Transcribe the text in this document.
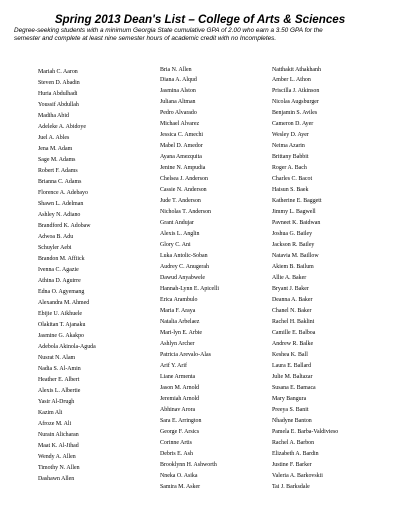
Spring 2013 Dean's List – College of Arts & Sciences
Degree-seeking students with a minimum Georgia State cumulative GPA of 2.00 who earn a 3.50 GPA for the
semester and complete at least nine semester hours of academic credit with no Incompletes.
Mariah C. Aaron
Steven D. Abadin
Huria Abdulhadi
Youssif Abdullah
Madiha Abid
Adeleke A. Abidoye
Juel A. Ables
Jena M. Adam
Sage M. Adams
Robert F. Adams
Brianna C. Adams
Florence A. Adebayo
Shawn L. Adelman
Ashley N. Adiano
Brandford K. Adobaw
Adwoa B. Adu
Schuyler Aebi
Brandon M. Affiick
Ivenna C. Agazie
Athina D. Aguirre
Edna O. Agyemang
Alexandra M. Ahmed
Ebijie U. Aikhuele
Olakitan T. Ajanaku
Jasmine G. Akakpo
Adebola Akinola-Aguda
Nusrat N. Alam
Nadia S. Al-Amin
Heather E. Albert
Alexis L. Albertie
Yasir Al-Drugh
Kazim Ali
Afroze M. Ali
Nurain Alicharan
Maat K. Al-Jihad
Wendy A. Allen
Timothy N. Allen
Dashawn Allen
Bria N. Allen
Diana A. Alqud
Jasmina Alston
Juliana Altman
Pedro Alvarado
Michael Alvarez
Jessica C. Amechi
Mabel D. Amedor
Ayana Amezquita
Jenine N. Ampudia
Chelsea J. Anderson
Cassie N. Anderson
Jude T. Anderson
Nicholas T. Anderson
Grant Andujar
Alexis L. Anglin
Glory C. Ani
Luka Antolic-Soban
Audrey C. Anugerah
Dawud Anyabwele
Hannah-Lynn E. Apicelli
Erica Arambulo
Maria F. Araya
Natalia Arbelaez
Mari-lyn E. Arbie
Ashlyn Archer
Patricia Arevalo-Alas
Arif Y. Arif
Liane Armenta
Jason M. Arnold
Jeremiah Arnold
Abhinav Arora
Sara E. Arrington
George F. Arsics
Corinne Artis
Debris E. Ash
Brooklynn H. Ashworth
Nneka O. Asika
Samira M. Asker
Natthakit Athakhanh
Amber L. Athon
Priscilla J. Atkinson
Nicolas Augsburger
Benjamin S. Aviles
Cameron D. Ayer
Wesley D. Ayer
Neima Azarin
Brittany Babbit
Roger A. Bach
Charles C. Bacot
Haisun S. Baek
Katherine E. Baggett
Jimmy L. Bagwell
Pavneet K. Baidwan
Joshua G. Bailey
Jackson R. Bailey
Natavia M. Baillow
Akiem B. Bailum
Allie A. Baker
Bryant J. Baker
Deanna A. Baker
Chanel N. Baker
Rachel H. Baklini
Camille E. Balboa
Andrew R. Balke
Keshea K. Ball
Laura E. Ballard
Julie M. Baltazar
Susana E. Bamaca
Mary Bangura
Preeya S. Banit
Nhadyne Banton
Pamela E. Barba-Valdivieso
Rachel A. Barbon
Elizabeth A. Bardin
Justine F. Barker
Valeria A. Barkovskii
Tai J. Barksdale
